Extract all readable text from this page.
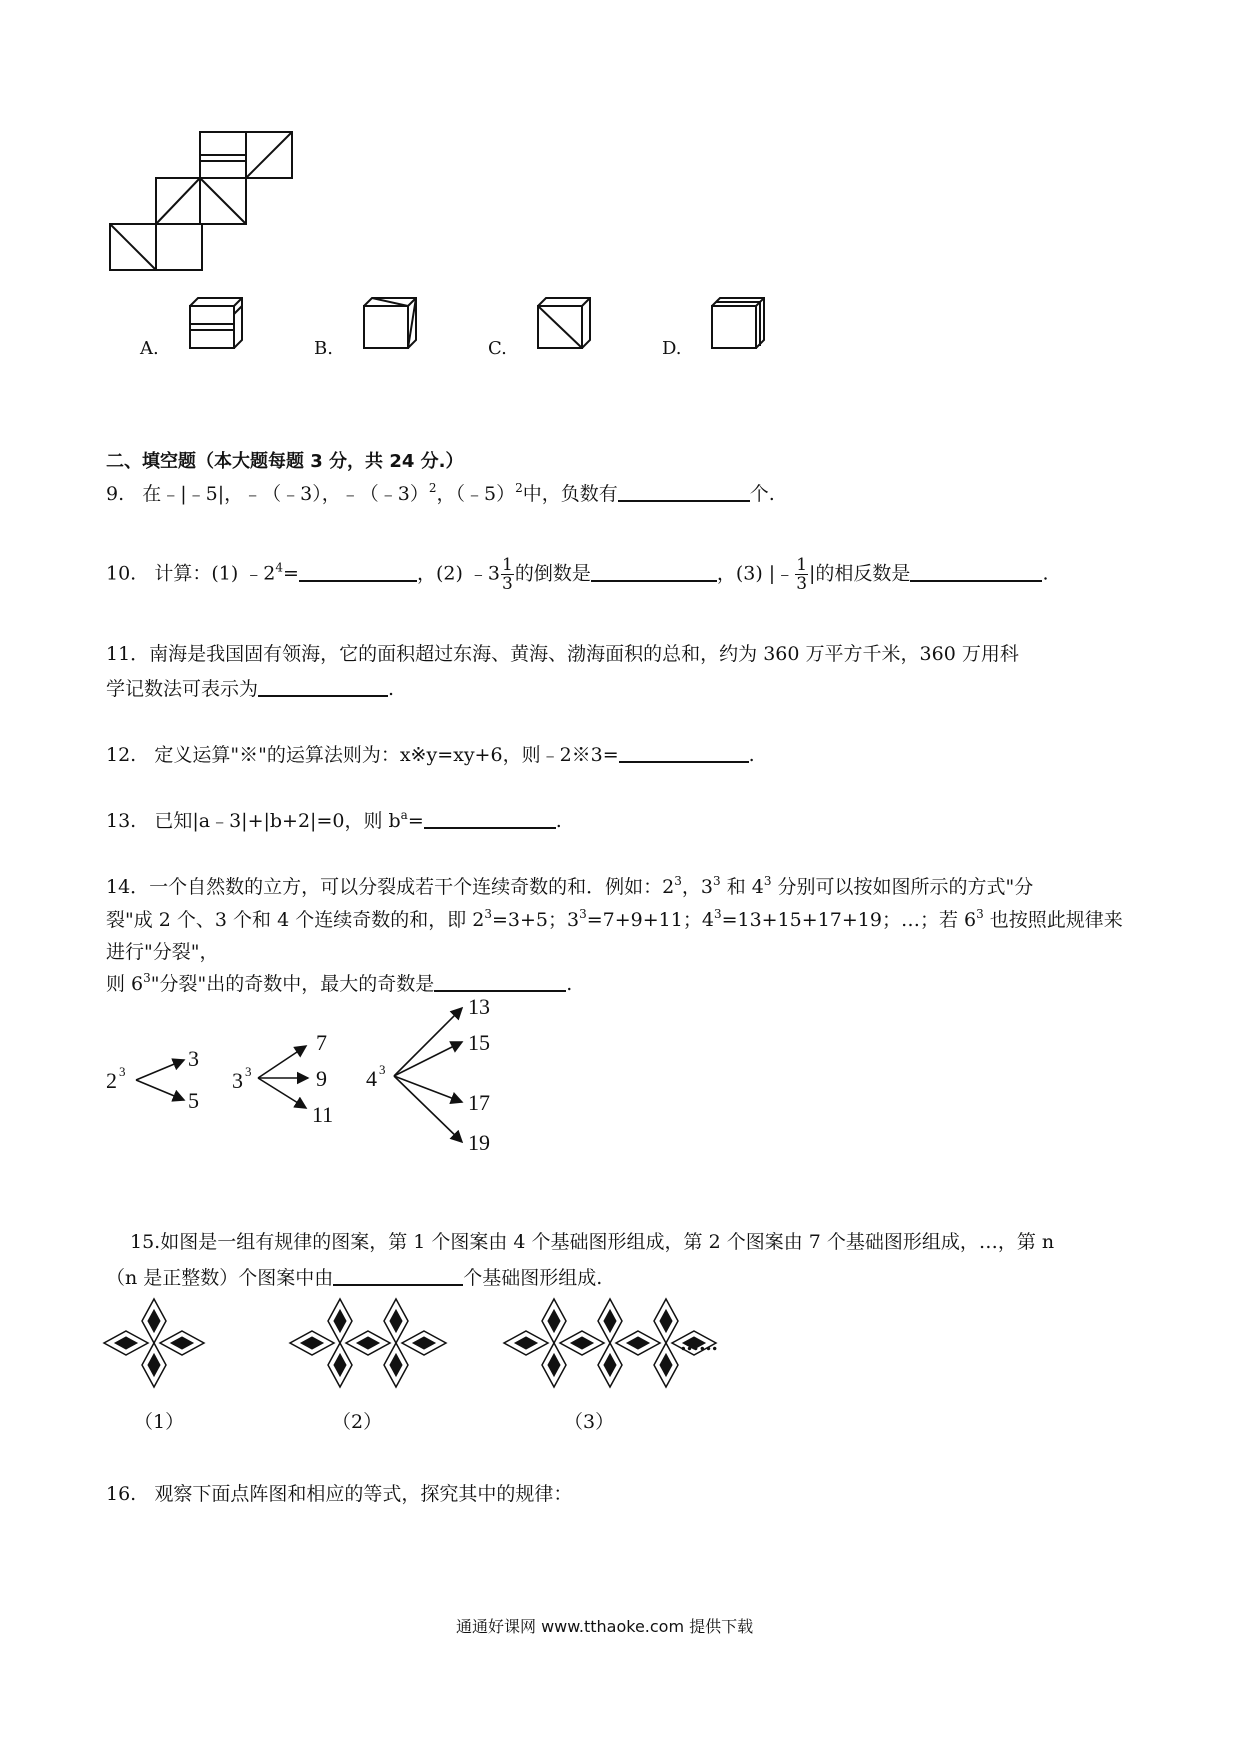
A.	B.	C.	D.
二、填空题（本大题每题 3 分，共 24 分.）
9. 在﹣|﹣5|，﹣（﹣3），﹣（﹣3）$^2$，（﹣5）$^2$中，负数有	个.
10. 计算：(1) $﹣2^4=$	，(2) ﹣3 $\frac{1}{3}$ 的倒数是	，(3) |﹣ $\frac{1}{3}$ |的相反数是	.
11．南海是我国固有领海，它的面积超过东海、黄海、渤海面积的总和，约为 360 万平方千米，360 万用科
学记数法可表示为	.
12. 定义运算"※"的运算法则为：x※y=xy+6，则﹣2※3=	.
13. 已知|a﹣3|+|b+2|=0，则 $b^a=$	.
14．一个自然数的立方，可以分裂成若干个连续奇数的和．例如：$2^3$，$3^3$ 和 $4^3$ 分别可以按如图所示的方式"分
裂"成 2 个、3 个和 4 个连续奇数的和，即 $2^3=3+5$；$3^3=7+9+11$；$4^3=13+15+17+19$；…；若 $6^3$ 也按照此规律来
进行"分裂"，
则 $6^3$"分裂"出的奇数中，最大的奇数是	.
2 3
3
5
3 3
7
9
11
4 3
13
15
17
19
15.如图是一组有规律的图案，第 1 个图案由 4 个基础图形组成，第 2 个图案由 7 个基础图形组成，…，第 n
（n 是正整数）个图案中由	个基础图形组成.
（1）	（2）	（3）
……
16. 观察下面点阵图和相应的等式，探究其中的规律：
通通好课网 www.tthaoke.com 提供下载
